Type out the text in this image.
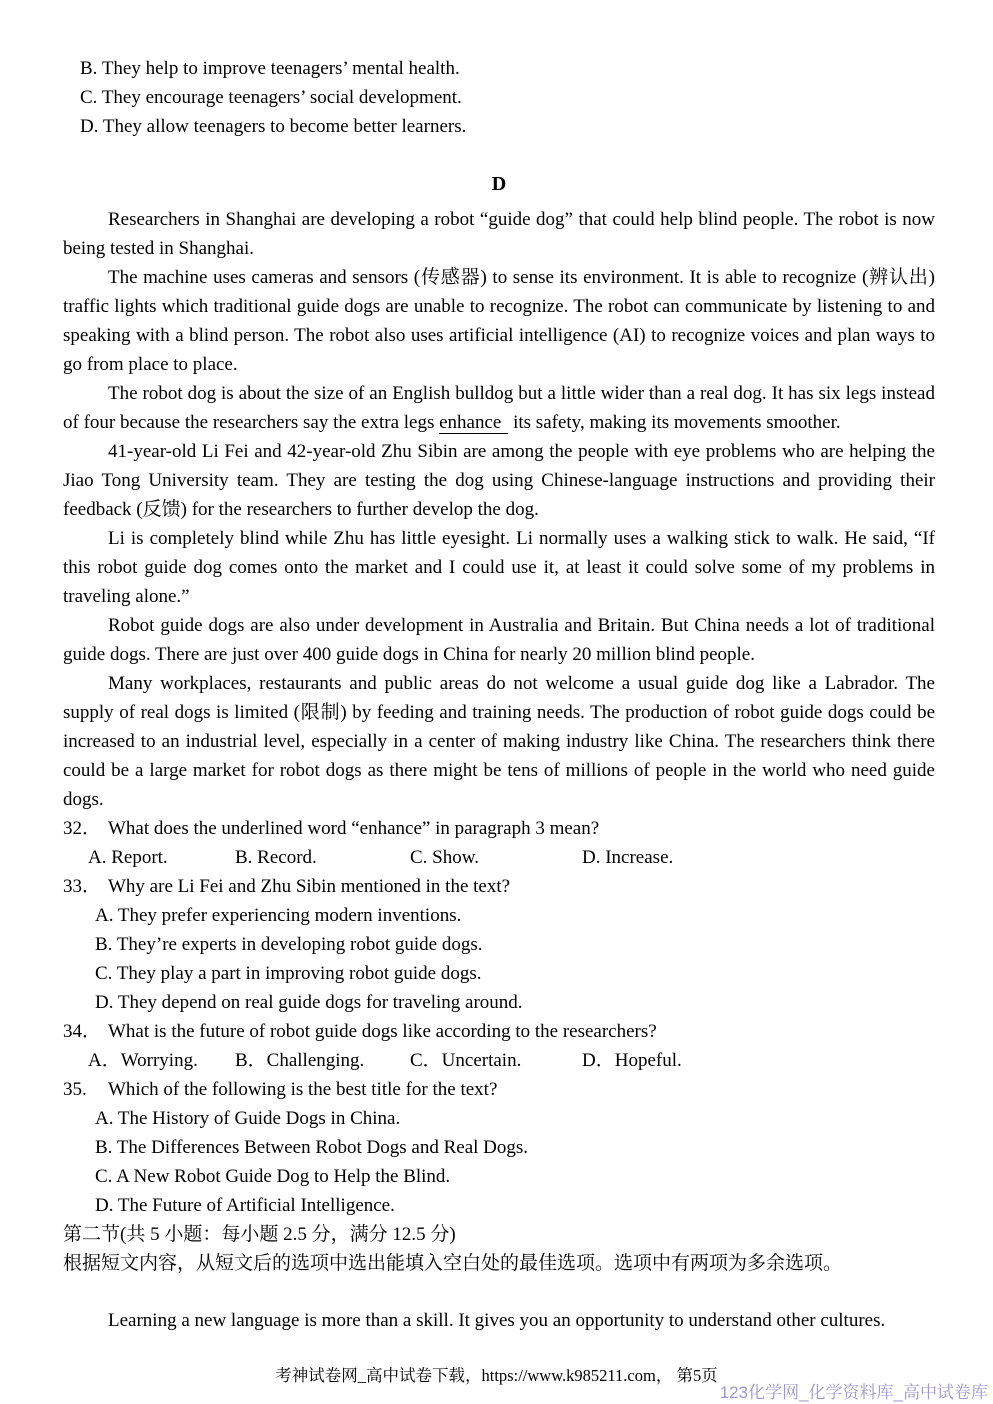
B. They help to improve teenagers’ mental health.
C. They encourage teenagers’ social development.
D. They allow teenagers to become better learners.
D

Researchers in Shanghai are developing a robot “guide dog” that could help blind people. The robot is now being tested in Shanghai.

The machine uses cameras and sensors (传感器) to sense its environment. It is able to recognize (辨认出) traffic lights which traditional guide dogs are unable to recognize. The robot can communicate by listening to and speaking with a blind person. The robot also uses artificial intelligence (AI) to recognize voices and plan ways to go from place to place.

The robot dog is about the size of an English bulldog but a little wider than a real dog. It has six legs instead of four because the researchers say the extra legs enhance its safety, making its movements smoother.

41-year-old Li Fei and 42-year-old Zhu Sibin are among the people with eye problems who are helping the Jiao Tong University team. They are testing the dog using Chinese-language instructions and providing their feedback (反馈) for the researchers to further develop the dog.

Li is completely blind while Zhu has little eyesight. Li normally uses a walking stick to walk. He said, “If this robot guide dog comes onto the market and I could use it, at least it could solve some of my problems in traveling alone.”

Robot guide dogs are also under development in Australia and Britain. But China needs a lot of traditional guide dogs. There are just over 400 guide dogs in China for nearly 20 million blind people.

Many workplaces, restaurants and public areas do not welcome a usual guide dog like a Labrador. The supply of real dogs is limited (限制) by feeding and training needs. The production of robot guide dogs could be increased to an industrial level, especially in a center of making industry like China. The researchers think there could be a large market for robot dogs as there might be tens of millions of people in the world who need guide dogs.

32． What does the underlined word “enhance” in paragraph 3 mean?
A. Report.	B. Record.	C. Show.	D. Increase.
33． Why are Li Fei and Zhu Sibin mentioned in the text?
A. They prefer experiencing modern inventions.
B. They’re experts in developing robot guide dogs.
C. They play a part in improving robot guide dogs.
D. They depend on real guide dogs for traveling around.
34． What is the future of robot guide dogs like according to the researchers?
A．Worrying.	B．Challenging.	C．Uncertain.	D．Hopeful.
35.	Which of the following is the best title for the text?
A. The History of Guide Dogs in China.
B. The Differences Between Robot Dogs and Real Dogs.
C. A New Robot Guide Dog to Help the Blind.
D. The Future of Artificial Intelligence.
第二节(共 5 小题：每小题 2.5 分，满分 12.5 分)
根据短文内容，从短文后的选项中选出能填入空白处的最佳选项。选项中有两项为多余选项。

Learning a new language is more than a skill. It gives you an opportunity to understand other cultures.

考神试卷网_高中试卷下载，https://www.k985211.com， 第5页
123化学网_化学资料库_高中试卷库
